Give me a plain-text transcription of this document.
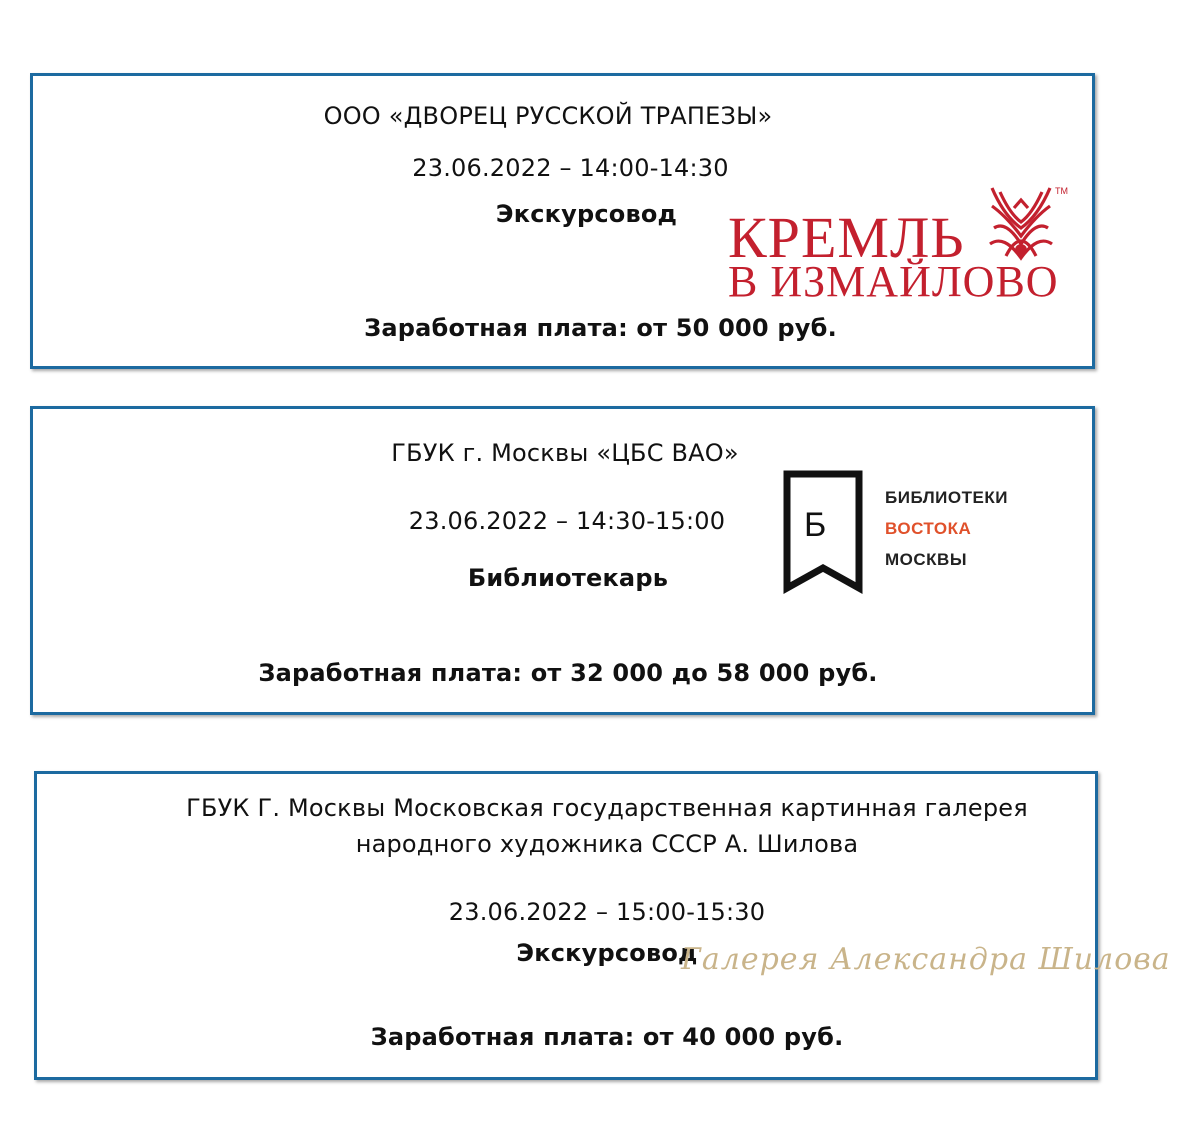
ООО «ДВОРЕЦ РУССКОЙ ТРАПЕЗЫ»
23.06.2022 – 14:00-14:30
Экскурсовод
Заработная плата: от 50 000 руб.
КРЕМЛЬ
В ИЗМАЙЛОВО
TM
ГБУК г. Москвы «ЦБС ВАО»
23.06.2022 – 14:30-15:00
Библиотекарь
Заработная плата: от 32 000 до 58 000 руб.
Б
БИБЛИОТЕКИ
ВОСТОКА
МОСКВЫ
ГБУК Г. Москвы Московская государственная картинная галерея
народного художника СССР А. Шилова
23.06.2022 – 15:00-15:30
Экскурсовод
Заработная плата: от 40 000 руб.
Галерея Александра Шилова
